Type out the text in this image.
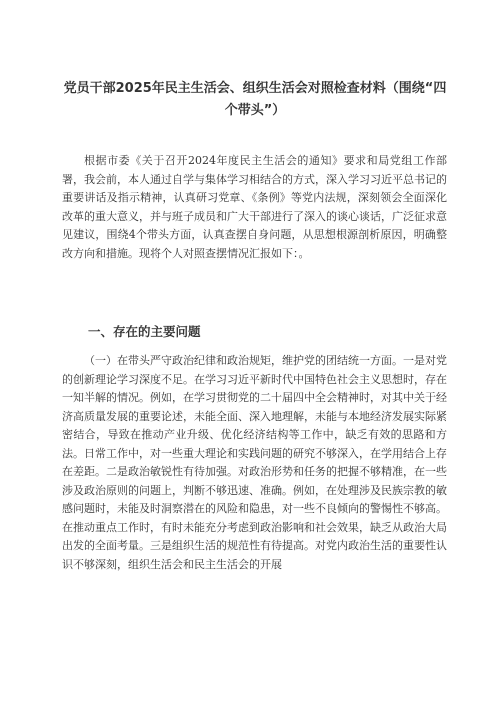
党员干部2025年民主生活会、组织生活会对照检查材料（围绕“四个带头”）

根据市委《关于召开2024年度民主生活会的通知》要求和局党组工作部署，我会前，本人通过自学与集体学习相结合的方式，深入学习习近平总书记的重要讲话及指示精神，认真研习党章、《条例》等党内法规，深刻领会全面深化改革的重大意义，并与班子成员和广大干部进行了深入的谈心谈话，广泛征求意见建议，围绕4个带头方面，认真查摆自身问题，从思想根源剖析原因，明确整改方向和措施。现将个人对照查摆情况汇报如下：。

一、存在的主要问题

（一）在带头严守政治纪律和政治规矩，维护党的团结统一方面。一是对党的创新理论学习深度不足。在学习习近平新时代中国特色社会主义思想时，存在一知半解的情况。例如，在学习贯彻党的二十届四中全会精神时，对其中关于经济高质量发展的重要论述，未能全面、深入地理解，未能与本地经济发展实际紧密结合，导致在推动产业升级、优化经济结构等工作中，缺乏有效的思路和方法。日常工作中，对一些重大理论和实践问题的研究不够深入，在学用结合上存在差距。二是政治敏锐性有待加强。对政治形势和任务的把握不够精准，在一些涉及政治原则的问题上，判断不够迅速、准确。例如，在处理涉及民族宗教的敏感问题时，未能及时洞察潜在的风险和隐患，对一些不良倾向的警惕性不够高。在推动重点工作时，有时未能充分考虑到政治影响和社会效果，缺乏从政治大局出发的全面考量。三是组织生活的规范性有待提高。对党内政治生活的重要性认识不够深刻，组织生活会和民主生活会的开展
